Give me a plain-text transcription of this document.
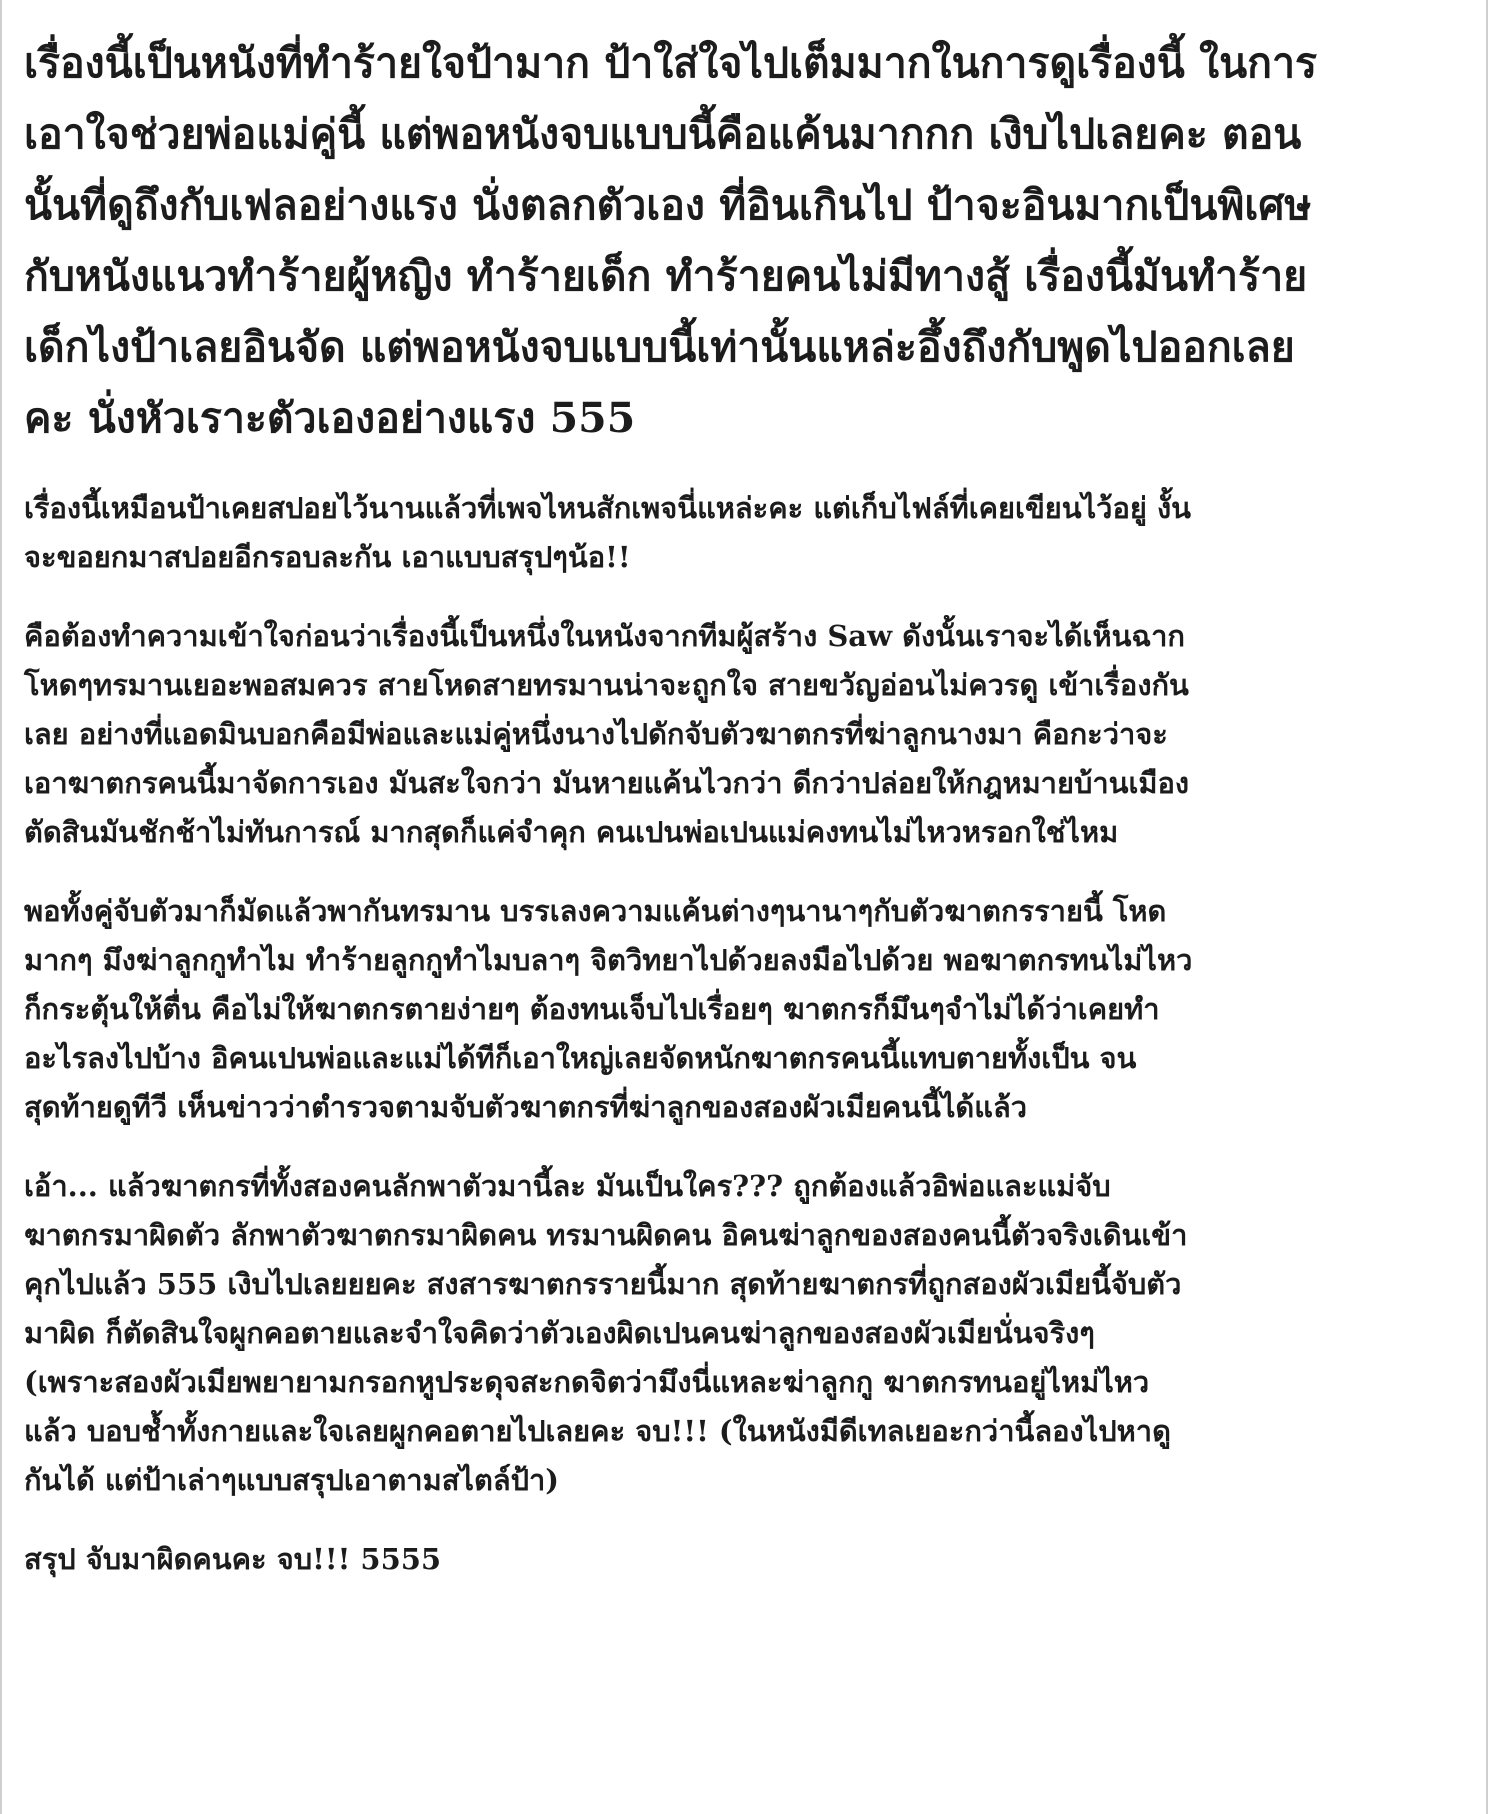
เรื่องนี้เป็นหนังที่ทำร้ายใจป้ามาก ป้าใส่ใจไปเต็มมากในการดูเรื่องนี้ ในการ
เอาใจช่วยพ่อแม่คู่นี้ แต่พอหนังจบแบบนี้คือแค้นมากกก เงิบไปเลยคะ ตอน
นั้นที่ดูถึงกับเฟลอย่างแรง นั่งตลกตัวเอง ที่อินเกินไป ป้าจะอินมากเป็นพิเศษ
กับหนังแนวทำร้ายผู้หญิง ทำร้ายเด็ก ทำร้ายคนไม่มีทางสู้ เรื่องนี้มันทำร้าย
เด็กไงป้าเลยอินจัด แต่พอหนังจบแบบนี้เท่านั้นแหล่ะอึ้งถึงกับพูดไปออกเลย
คะ นั่งหัวเราะตัวเองอย่างแรง 555
เรื่องนี้เหมือนป้าเคยสปอยไว้นานแล้วที่เพจไหนสักเพจนี่แหล่ะคะ แต่เก็บไฟล์ที่เคยเขียนไว้อยู่ งั้น
จะขอยกมาสปอยอีกรอบละกัน เอาแบบสรุปๆน้อ!!
คือต้องทำความเข้าใจก่อนว่าเรื่องนี้เป็นหนึ่งในหนังจากทีมผู้สร้าง Saw ดังนั้นเราจะได้เห็นฉาก
โหดๆทรมานเยอะพอสมควร สายโหดสายทรมานน่าจะถูกใจ สายขวัญอ่อนไม่ควรดู เข้าเรื่องกัน
เลย อย่างที่แอดมินบอกคือมีพ่อและแม่คู่หนึ่งนางไปดักจับตัวฆาตกรที่ฆ่าลูกนางมา คือกะว่าจะ
เอาฆาตกรคนนี้มาจัดการเอง มันสะใจกว่า มันหายแค้นไวกว่า ดีกว่าปล่อยให้กฎหมายบ้านเมือง
ตัดสินมันชักช้าไม่ทันการณ์ มากสุดก็แค่จำคุก คนเปนพ่อเปนแม่คงทนไม่ไหวหรอกใช่ไหม
พอทั้งคู่จับตัวมาก็มัดแล้วพากันทรมาน บรรเลงความแค้นต่างๆนานาๆกับตัวฆาตกรรายนี้ โหด
มากๆ มึงฆ่าลูกกูทำไม ทำร้ายลูกกูทำไมบลาๆ จิตวิทยาไปด้วยลงมือไปด้วย พอฆาตกรทนไม่ไหว
ก็กระตุ้นให้ตื่น คือไม่ให้ฆาตกรตายง่ายๆ ต้องทนเจ็บไปเรื่อยๆ ฆาตกรก็มึนๆจำไม่ได้ว่าเคยทำ
อะไรลงไปบ้าง อิคนเปนพ่อและแม่ได้ทีก็เอาใหญ่เลยจัดหนักฆาตกรคนนี้แทบตายทั้งเป็น จน
สุดท้ายดูทีวี เห็นข่าวว่าตำรวจตามจับตัวฆาตกรที่ฆ่าลูกของสองผัวเมียคนนี้ได้แล้ว
เอ้า... แล้วฆาตกรที่ทั้งสองคนลักพาตัวมานี้ละ มันเป็นใคร??? ถูกต้องแล้วอิพ่อและแม่จับ
ฆาตกรมาผิดตัว ลักพาตัวฆาตกรมาผิดคน ทรมานผิดคน อิคนฆ่าลูกของสองคนนี้ตัวจริงเดินเข้า
คุกไปแล้ว 555 เงิบไปเลยยยคะ สงสารฆาตกรรายนี้มาก สุดท้ายฆาตกรที่ถูกสองผัวเมียนี้จับตัว
มาผิด ก็ตัดสินใจผูกคอตายและจำใจคิดว่าตัวเองผิดเปนคนฆ่าลูกของสองผัวเมียนั่นจริงๆ
(เพราะสองผัวเมียพยายามกรอกหูประดุจสะกดจิตว่ามึงนี่แหละฆ่าลูกกู ฆาตกรทนอยู่ไหม่ไหว
แล้ว บอบช้ำทั้งกายและใจเลยผูกคอตายไปเลยคะ จบ!!! (ในหนังมีดีเทลเยอะกว่านี้ลองไปหาดู
กันได้ แต่ป้าเล่าๆแบบสรุปเอาตามสไตล์ป้า)
สรุป จับมาผิดคนคะ จบ!!! 5555
